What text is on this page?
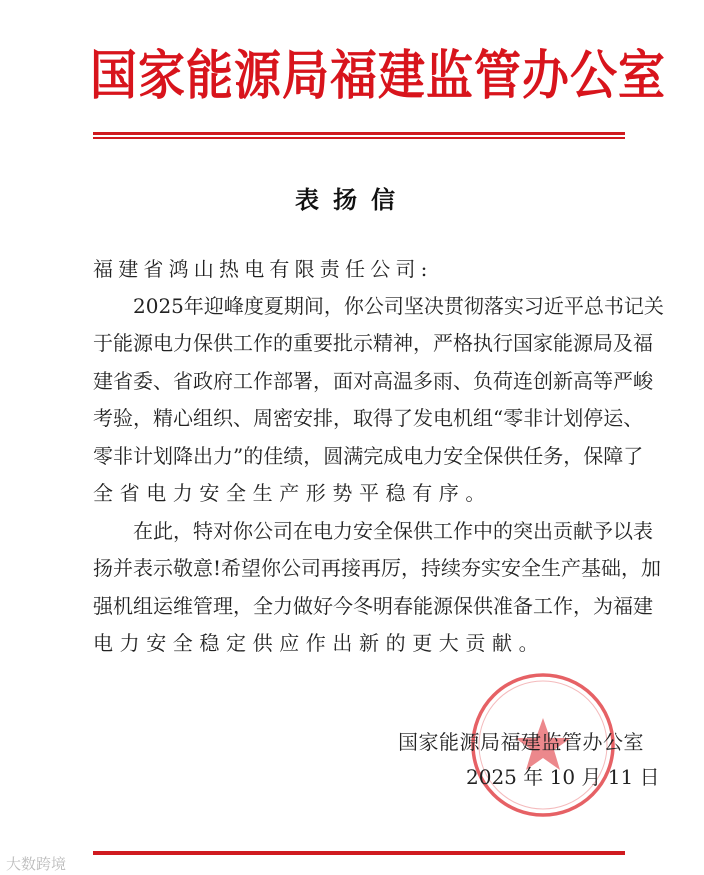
国家能源局福建监管办公室
表扬信
福建省鸿山热电有限责任公司:
2025年迎峰度夏期间，你公司坚决贯彻落实习近平总书记关
于能源电力保供工作的重要批示精神，严格执行国家能源局及福
建省委、省政府工作部署，面对高温多雨、负荷连创新高等严峻
考验，精心组织、周密安排，取得了发电机组“零非计划停运、
零非计划降出力”的佳绩，圆满完成电力安全保供任务，保障了
全省电力安全生产形势平稳有序。
在此，特对你公司在电力安全保供工作中的突出贡献予以表
扬并表示敬意!希望你公司再接再厉，持续夯实安全生产基础，加
强机组运维管理，全力做好今冬明春能源保供准备工作，为福建
电力安全稳定供应作出新的更大贡献。
国家能源局福建监管办公室
2025 年 10 月 11 日
大数跨境
